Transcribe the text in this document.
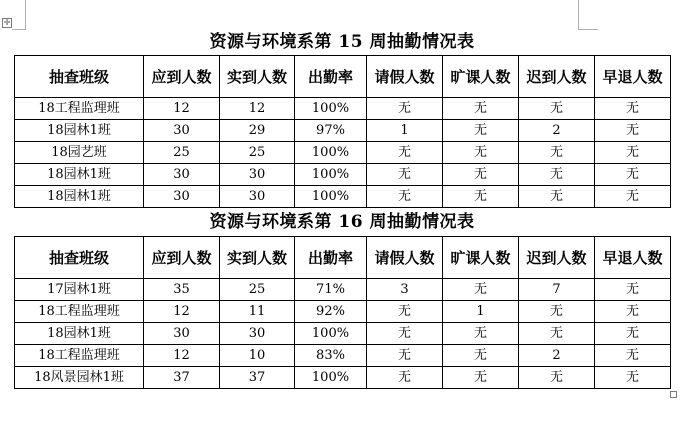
✛
资源与环境系第 15 周抽勤情况表
抽查班级	应到人数	实到人数	出勤率	请假人数	旷课人数	迟到人数	早退人数
18工程监理班	12	12	100%	无	无	无	无
18园林1班	30	29	97%	1	无	2	无
18园艺班	25	25	100%	无	无	无	无
18园林1班	30	30	100%	无	无	无	无
18园林1班	30	30	100%	无	无	无	无
资源与环境系第 16 周抽勤情况表
抽查班级	应到人数	实到人数	出勤率	请假人数	旷课人数	迟到人数	早退人数
17园林1班	35	25	71%	3	无	7	无
18工程监理班	12	11	92%	无	1	无	无
18园林1班	30	30	100%	无	无	无	无
18工程监理班	12	10	83%	无	无	2	无
18风景园林1班	37	37	100%	无	无	无	无
